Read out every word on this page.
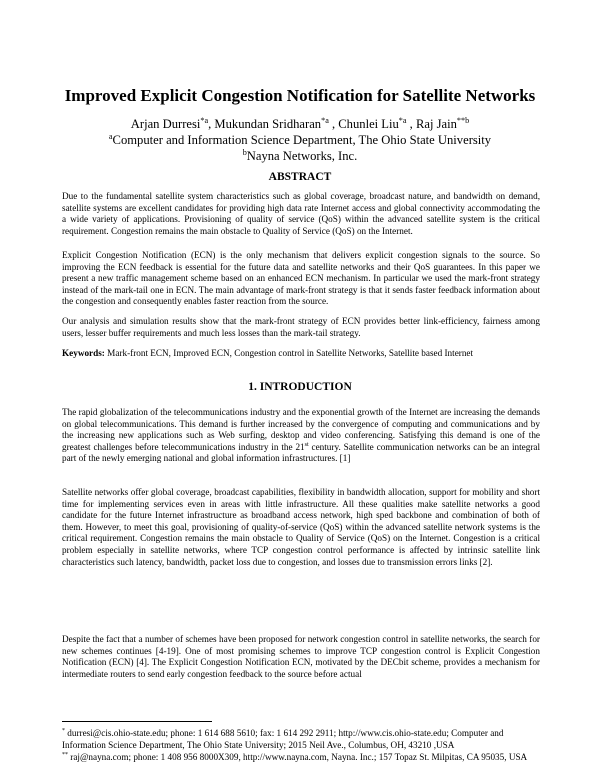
Improved Explicit Congestion Notification for Satellite Networks
Arjan Durresi$^{*a}$, Mukundan Sridharan$^{*a}$ , Chunlei Liu$^{*a}$ , Raj Jain$^{**b}$
$^a$Computer and Information Science Department, The Ohio State University
$^b$Nayna Networks, Inc.
ABSTRACT
Due to the fundamental satellite system characteristics such as global coverage, broadcast nature, and bandwidth on demand, satellite systems are excellent candidates for providing high data rate Internet access and global connectivity accommodating the a wide variety of applications. Provisioning of quality of service (QoS) within the advanced satellite system is the critical requirement. Congestion remains the main obstacle to Quality of Service (QoS) on the Internet.
Explicit Congestion Notification (ECN) is the only mechanism that delivers explicit congestion signals to the source. So improving the ECN feedback is essential for the future data and satellite networks and their QoS guarantees. In this paper we present a new traffic management scheme based on an enhanced ECN mechanism. In particular we used the mark-front strategy instead of the mark-tail one in ECN. The main advantage of mark-front strategy is that it sends faster feedback information about the congestion and consequently enables faster reaction from the source.
Our analysis and simulation results show that the mark-front strategy of ECN provides better link-efficiency, fairness among users, lesser buffer requirements and much less losses than the mark-tail strategy.
Keywords: Mark-front ECN, Improved ECN, Congestion control in Satellite Networks, Satellite based Internet
1. INTRODUCTION
The rapid globalization of the telecommunications industry and the exponential growth of the Internet are increasing the demands on global telecommunications. This demand is further increased by the convergence of computing and communications and by the increasing new applications such as Web surfing, desktop and video conferencing. Satisfying this demand is one of the greatest challenges before telecommunications industry in the 21st century. Satellite communication networks can be an integral part of the newly emerging national and global information infrastructures. [1]
Satellite networks offer global coverage, broadcast capabilities, flexibility in bandwidth allocation, support for mobility and short time for implementing services even in areas with little infrastructure. All these qualities make satellite networks a good candidate for the future Internet infrastructure as broadband access network, high sped backbone and combination of both of them. However, to meet this goal, provisioning of quality-of-service (QoS) within the advanced satellite network systems is the critical requirement. Congestion remains the main obstacle to Quality of Service (QoS) on the Internet. Congestion is a critical problem especially in satellite networks, where TCP congestion control performance is affected by intrinsic satellite link characteristics such latency, bandwidth, packet loss due to congestion, and losses due to transmission errors links [2].
Despite the fact that a number of schemes have been proposed for network congestion control in satellite networks, the search for new schemes continues [4-19]. One of most promising schemes to improve TCP congestion control is Explicit Congestion Notification (ECN) [4]. The Explicit Congestion Notification ECN, motivated by the DECbit scheme, provides a mechanism for intermediate routers to send early congestion feedback to the source before actual
* durresi@cis.ohio-state.edu; phone: 1 614 688 5610; fax: 1 614 292 2911; http://www.cis.ohio-state.edu; Computer and Information Science Department, The Ohio State University; 2015 Neil Ave., Columbus, OH, 43210 ,USA
** raj@nayna.com; phone: 1 408 956 8000X309, http://www.nayna.com, Nayna. Inc.; 157 Topaz St. Milpitas, CA 95035, USA
